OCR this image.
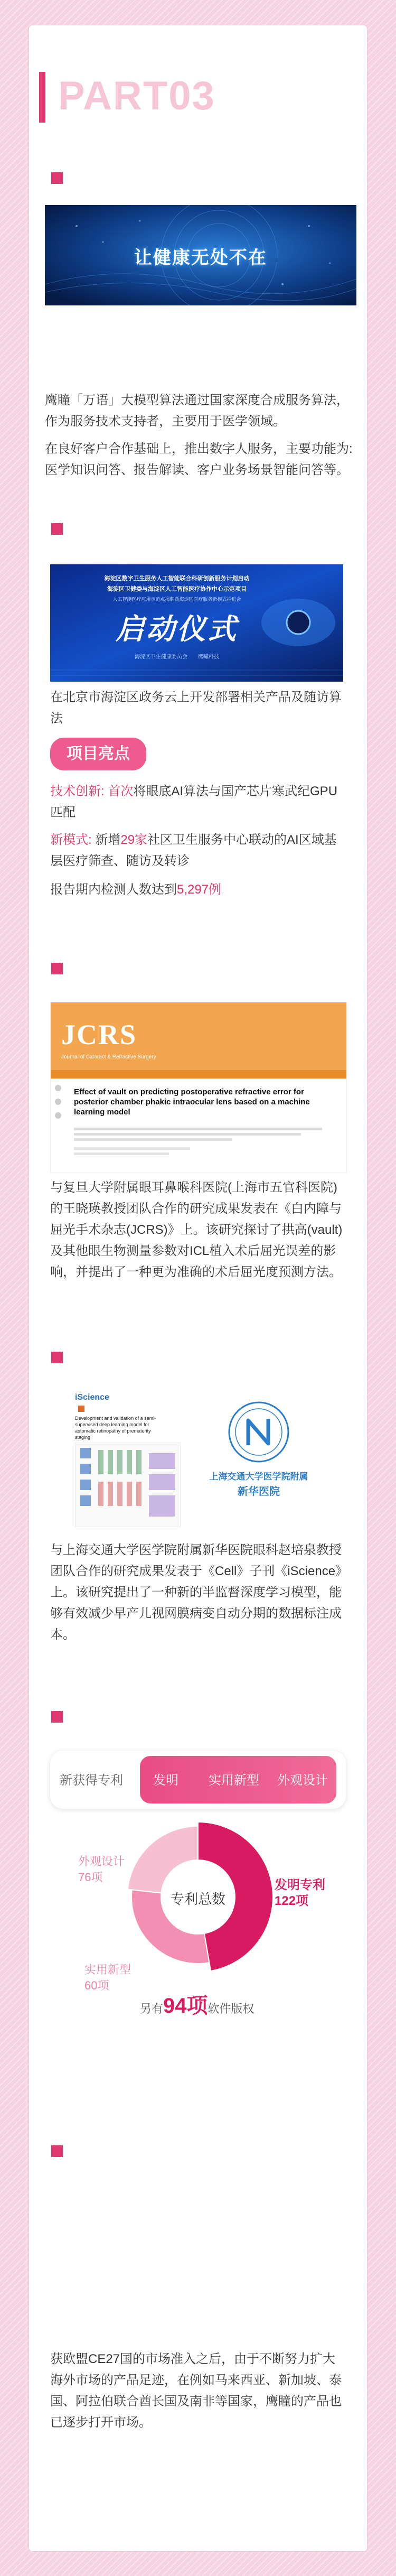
PART03
让健康无处不在
鹰瞳「万语」大模型算法通过国家深度合成服务算法，作为服务技术支持者，主要用于医学领域。
在良好客户合作基础上，推出数字人服务，主要功能为:医学知识问答、报告解读、客户业务场景智能问答等。
海淀区数字卫生服务人工智能联合科研创新服务计划启动
海淀区卫健委与海淀区人工智能医疗协作中心示范项目
人工智能医疗应用示范点揭牌暨海淀区医疗服务新模式推进会
启动仪式
海淀区卫生健康委员会　　鹰瞳科技
在北京市海淀区政务云上开发部署相关产品及随访算法
项目亮点
技术创新: 首次将眼底AI算法与国产芯片寒武纪GPU匹配
新模式: 新增29家社区卫生服务中心联动的AI区域基层医疗筛查、随访及转诊
报告期内检测人数达到5,297例
JCRS
Journal of Cataract & Refractive Surgery
Effect of vault on predicting postoperative refractive error for posterior chamber phakic intraocular lens based on a machine learning model
与复旦大学附属眼耳鼻喉科医院(上海市五官科医院)的王晓瑛教授团队合作的研究成果发表在《白内障与屈光手术杂志(JCRS)》上。该研究探讨了拱高(vault)及其他眼生物测量参数对ICL植入术后屈光误差的影响，并提出了一种更为准确的术后屈光度预测方法。
iScience
Development and validation of a semi-supervised deep learning model for automatic retinopathy of prematurity staging
上海交通大学医学院附属
新华医院
与上海交通大学医学院附属新华医院眼科赵培泉教授团队合作的研究成果发表于《Cell》子刊《iScience》上。该研究提出了一种新的半监督深度学习模型，能够有效减少早产儿视网膜病变自动分期的数据标注成本。
新获得专利 发明 实用新型 外观设计
专利总数
外观设计
76项
发明专利
122项
实用新型
60项
另有94项软件版权
获欧盟CE27国的市场准入之后，由于不断努力扩大海外市场的产品足迹，在例如马来西亚、新加坡、泰国、阿拉伯联合酋长国及南非等国家，鹰瞳的产品也已逐步打开市场。
